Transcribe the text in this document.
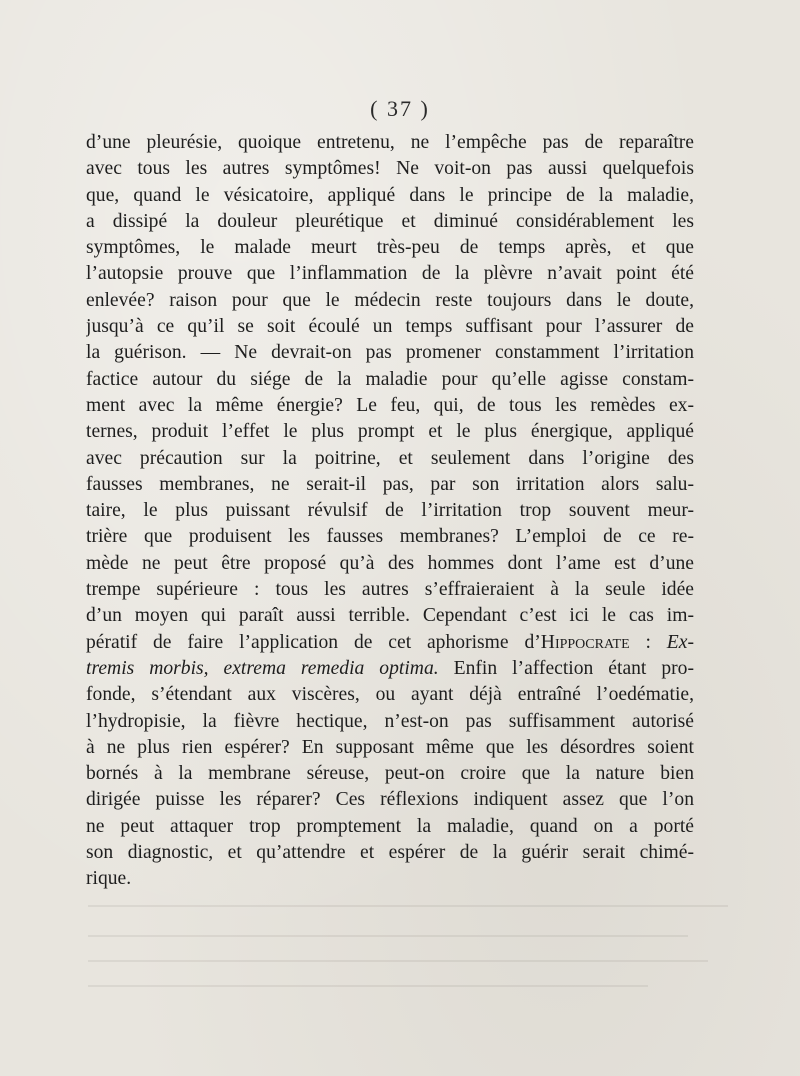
( 37 )
d’une pleurésie, quoique entretenu, ne l’empêche pas de reparaître
avec tous les autres symptômes! Ne voit-on pas aussi quelquefois
que, quand le vésicatoire, appliqué dans le principe de la maladie,
a dissipé la douleur pleurétique et diminué considérablement les
symptômes, le malade meurt très-peu de temps après, et que
l’autopsie prouve que l’inflammation de la plèvre n’avait point été
enlevée? raison pour que le médecin reste toujours dans le doute,
jusqu’à ce qu’il se soit écoulé un temps suffisant pour l’assurer de
la guérison. — Ne devrait-on pas promener constamment l’irritation
factice autour du siége de la maladie pour qu’elle agisse constam-
ment avec la même énergie? Le feu, qui, de tous les remèdes ex-
ternes, produit l’effet le plus prompt et le plus énergique, appliqué
avec précaution sur la poitrine, et seulement dans l’origine des
fausses membranes, ne serait-il pas, par son irritation alors salu-
taire, le plus puissant révulsif de l’irritation trop souvent meur-
trière que produisent les fausses membranes? L’emploi de ce re-
mède ne peut être proposé qu’à des hommes dont l’ame est d’une
trempe supérieure : tous les autres s’effraieraient à la seule idée
d’un moyen qui paraît aussi terrible. Cependant c’est ici le cas im-
pératif de faire l’application de cet aphorisme d’Hippocrate : Ex-
tremis morbis, extrema remedia optima. Enfin l’affection étant pro-
fonde, s’étendant aux viscères, ou ayant déjà entraîné l’oedématie,
l’hydropisie, la fièvre hectique, n’est-on pas suffisamment autorisé
à ne plus rien espérer? En supposant même que les désordres soient
bornés à la membrane séreuse, peut-on croire que la nature bien
dirigée puisse les réparer? Ces réflexions indiquent assez que l’on
ne peut attaquer trop promptement la maladie, quand on a porté
son diagnostic, et qu’attendre et espérer de la guérir serait chimé-
rique.
